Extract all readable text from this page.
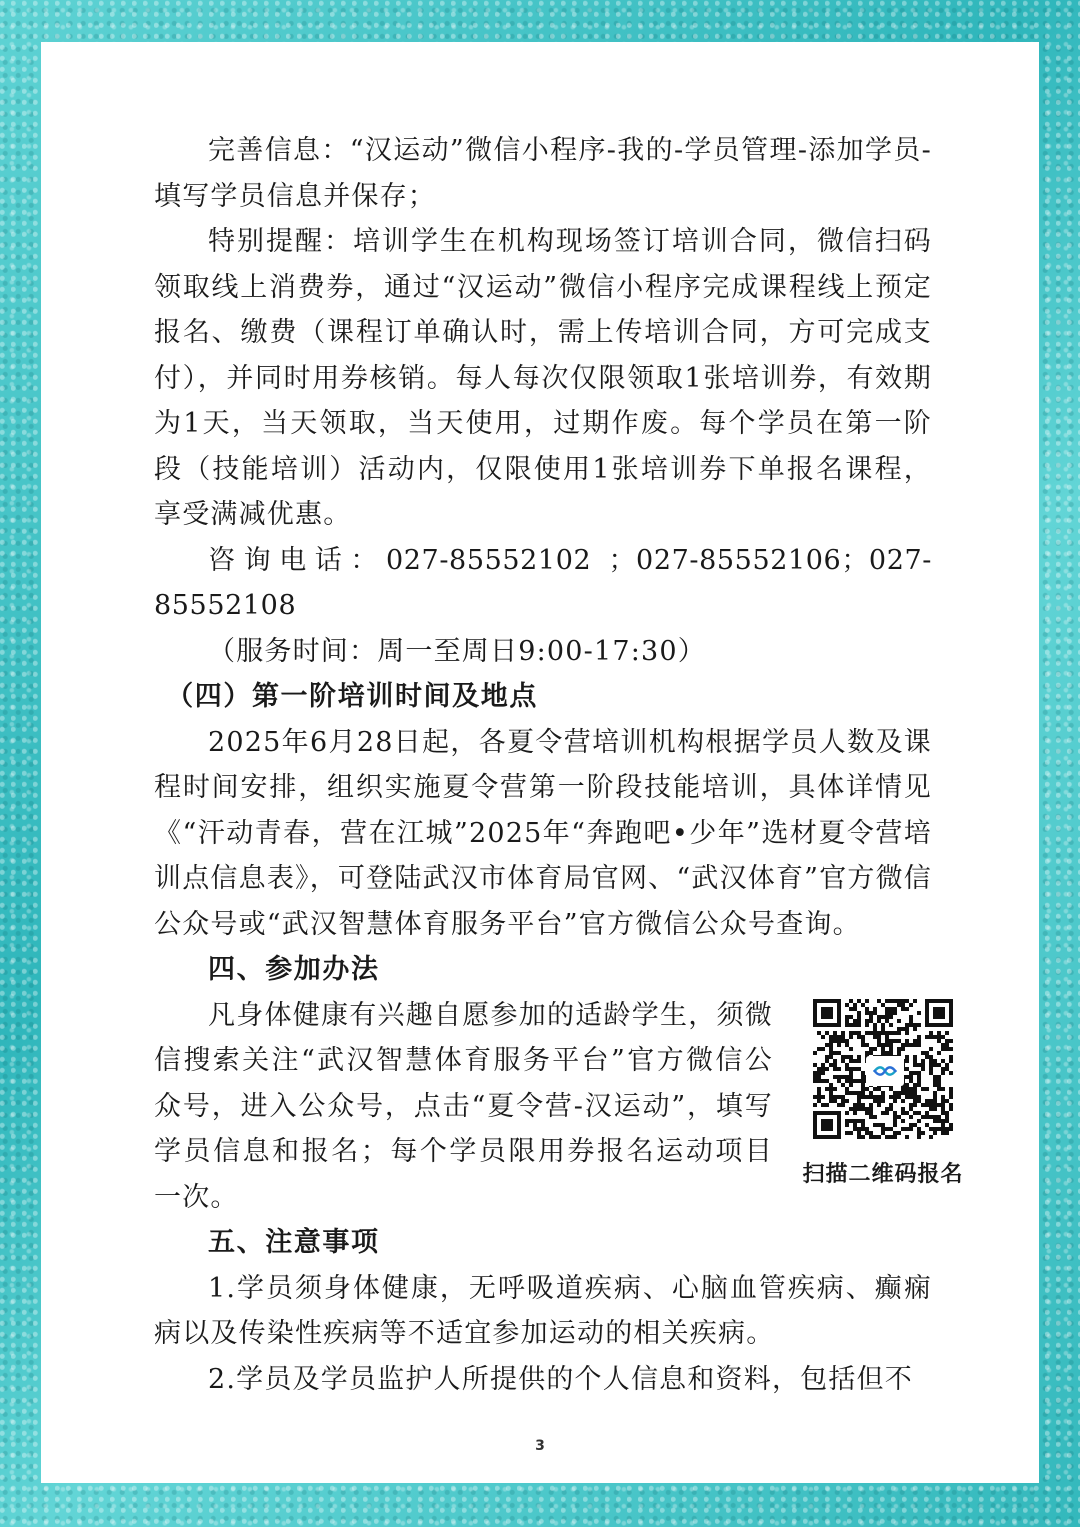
完善信息：“汉运动”微信小程序-我的-学员管理-添加学员-填写学员信息并保存；

特别提醒：培训学生在机构现场签订培训合同，微信扫码领取线上消费券，通过“汉运动”微信小程序完成课程线上预定报名、缴费（课程订单确认时，需上传培训合同，方可完成支付），并同时用券核销。每人每次仅限领取1张培训券，有效期为1天，当天领取，当天使用，过期作废。每个学员在第一阶段（技能培训）活动内，仅限使用1张培训券下单报名课程，享受满减优惠。

咨询电话：027-85552102 ；027-85552106；027-85552108

（服务时间：周一至周日9:00-17:30）

（四）第一阶培训时间及地点

2025年6月28日起，各夏令营培训机构根据学员人数及课程时间安排，组织实施夏令营第一阶段技能培训，具体详情见《“汗动青春，营在江城”2025年“奔跑吧•少年”选材夏令营培训点信息表》，可登陆武汉市体育局官网、“武汉体育”官方微信公众号或“武汉智慧体育服务平台”官方微信公众号查询。

四、参加办法

凡身体健康有兴趣自愿参加的适龄学生，须微信搜索关注“武汉智慧体育服务平台”官方微信公众号，进入公众号，点击“夏令营-汉运动”，填写学员信息和报名；每个学员限用券报名运动项目一次。

扫描二维码报名

五、注意事项

1.学员须身体健康，无呼吸道疾病、心脑血管疾病、癫痫病以及传染性疾病等不适宜参加运动的相关疾病。

2.学员及学员监护人所提供的个人信息和资料，包括但不

3
